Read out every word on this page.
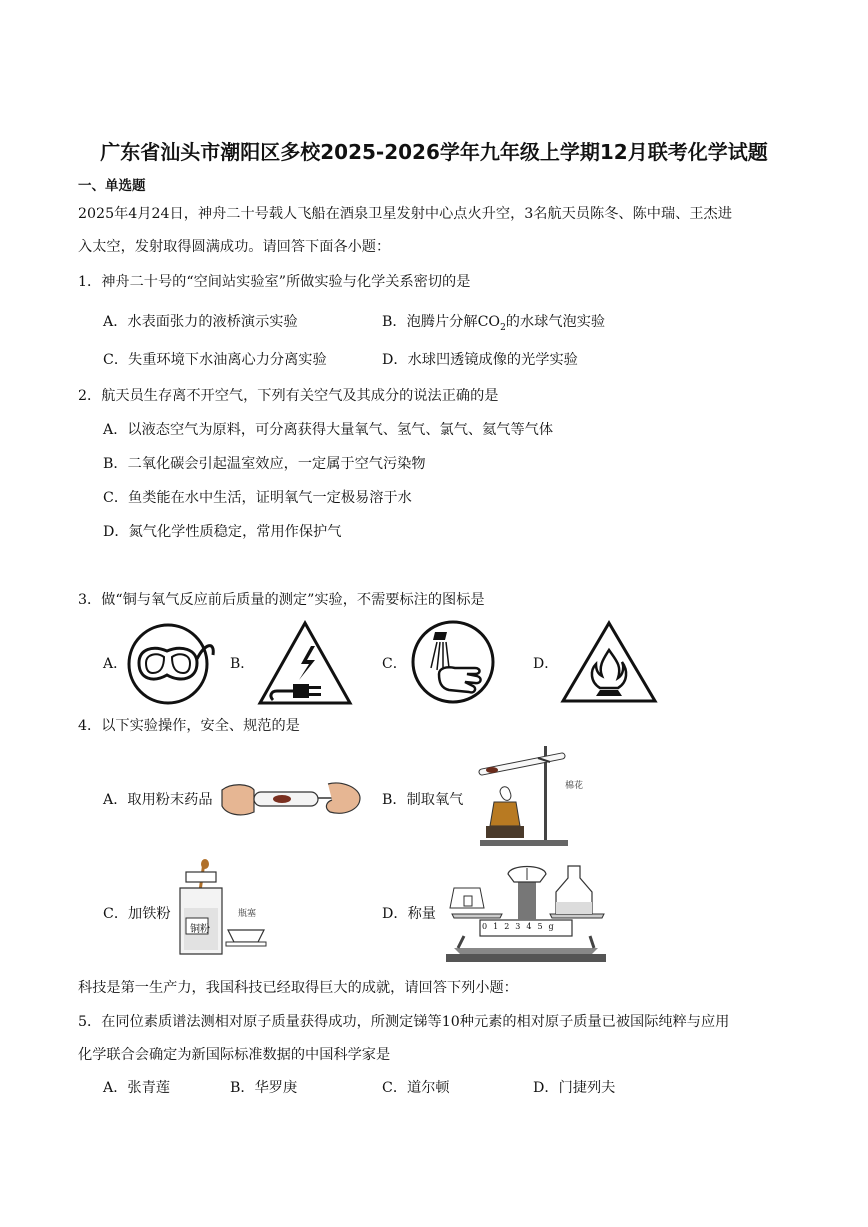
广东省汕头市潮阳区多校2025-2026学年九年级上学期12月联考化学试题
一、单选题
2025年4月24日，神舟二十号载人飞船在酒泉卫星发射中心点火升空，3名航天员陈冬、陈中瑞、王杰进
入太空，发射取得圆满成功。请回答下面各小题：
1．神舟二十号的“空间站实验室”所做实验与化学关系密切的是
A．水表面张力的液桥演示实验	B．泡腾片分解$CO_2$的水球气泡实验
C．失重环境下水油离心力分离实验	D．水球凹透镜成像的光学实验
2．航天员生存离不开空气，下列有关空气及其成分的说法正确的是
A．以液态空气为原料，可分离获得大量氧气、氢气、氯气、氦气等气体
B．二氧化碳会引起温室效应，一定属于空气污染物
C．鱼类能在水中生活，证明氧气一定极易溶于水
D．氮气化学性质稳定，常用作保护气
3．做“铜与氧气反应前后质量的测定”实验，不需要标注的图标是
A．	B．	C．	D．
4．以下实验操作，安全、规范的是
A．取用粉末药品	B．制取氧气
棉花
C．加铁粉	D．称量
铜粉
瓶塞
012345g
科技是第一生产力，我国科技已经取得巨大的成就，请回答下列小题：
5．在同位素质谱法测相对原子质量获得成功，所测定锑等10种元素的相对原子质量已被国际纯粹与应用
化学联合会确定为新国际标准数据的中国科学家是
A．张青莲	B．华罗庚	C．道尔顿	D．门捷列夫
